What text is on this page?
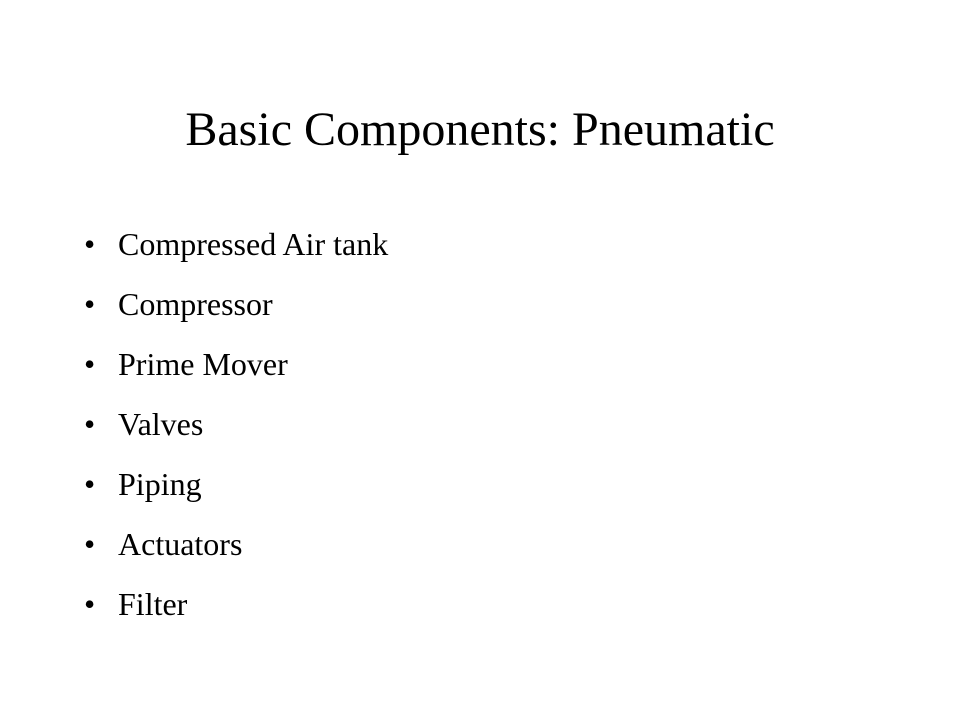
Basic Components: Pneumatic
• Compressed Air tank
• Compressor
• Prime Mover
• Valves
• Piping
• Actuators
• Filter
